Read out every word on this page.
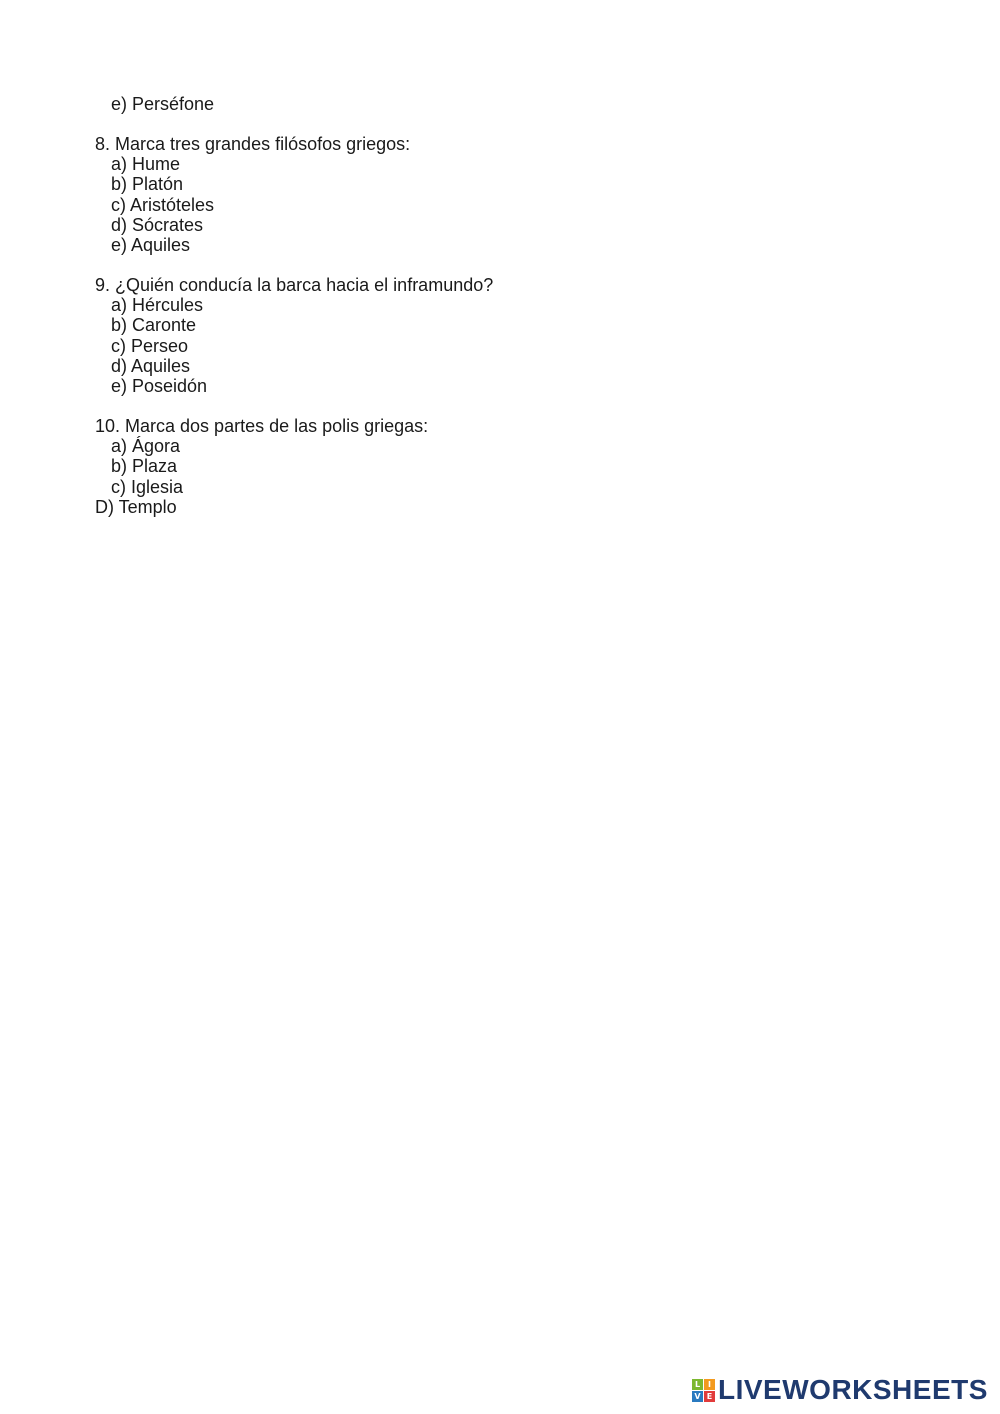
e) Perséfone
8. Marca tres grandes filósofos griegos:
a) Hume
b) Platón
c) Aristóteles
d) Sócrates
e) Aquiles
9. ¿Quién conducía la barca hacia el inframundo?
a) Hércules
b) Caronte
c) Perseo
d) Aquiles
e) Poseidón
10. Marca dos partes de las polis griegas:
a) Ágora
b) Plaza
c) Iglesia
D) Templo
L I
V E LIVEWORKSHEETS
